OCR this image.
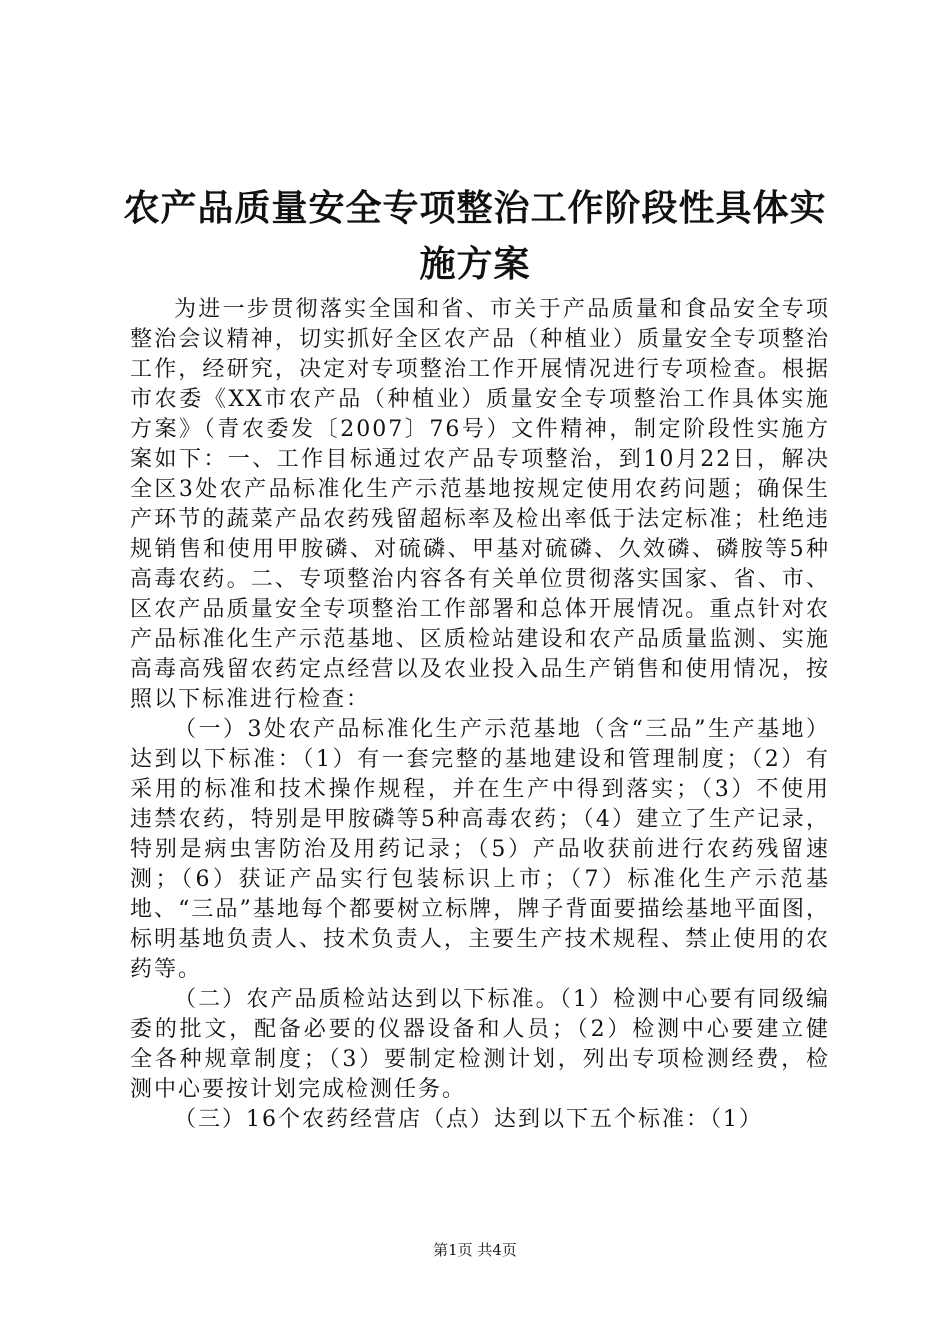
农产品质量安全专项整治工作阶段性具体实施方案

为进一步贯彻落实全国和省、市关于产品质量和食品安全专项整治会议精神，切实抓好全区农产品（种植业）质量安全专项整治工作，经研究，决定对专项整治工作开展情况进行专项检查。根据市农委《XX市农产品（种植业）质量安全专项整治工作具体实施方案》（青农委发〔2007〕76号）文件精神，制定阶段性实施方案如下：一、工作目标通过农产品专项整治，到10月22日，解决全区3处农产品标准化生产示范基地按规定使用农药问题；确保生产环节的蔬菜产品农药残留超标率及检出率低于法定标准；杜绝违规销售和使用甲胺磷、对硫磷、甲基对硫磷、久效磷、磷胺等5种高毒农药。二、专项整治内容各有关单位贯彻落实国家、省、市、区农产品质量安全专项整治工作部署和总体开展情况。重点针对农产品标准化生产示范基地、区质检站建设和农产品质量监测、实施高毒高残留农药定点经营以及农业投入品生产销售和使用情况，按照以下标准进行检查：

（一）3处农产品标准化生产示范基地（含“三品”生产基地）达到以下标准：（1）有一套完整的基地建设和管理制度；（2）有采用的标准和技术操作规程，并在生产中得到落实；（3）不使用违禁农药，特别是甲胺磷等5种高毒农药；（4）建立了生产记录，特别是病虫害防治及用药记录；（5）产品收获前进行农药残留速测；（6）获证产品实行包装标识上市；（7）标准化生产示范基地、“三品”基地每个都要树立标牌，牌子背面要描绘基地平面图，标明基地负责人、技术负责人，主要生产技术规程、禁止使用的农药等。

（二）农产品质检站达到以下标准。（1）检测中心要有同级编委的批文，配备必要的仪器设备和人员；（2）检测中心要建立健全各种规章制度；（3）要制定检测计划，列出专项检测经费，检测中心要按计划完成检测任务。

（三）16个农药经营店（点）达到以下五个标准：（1）

第1页 共4页
